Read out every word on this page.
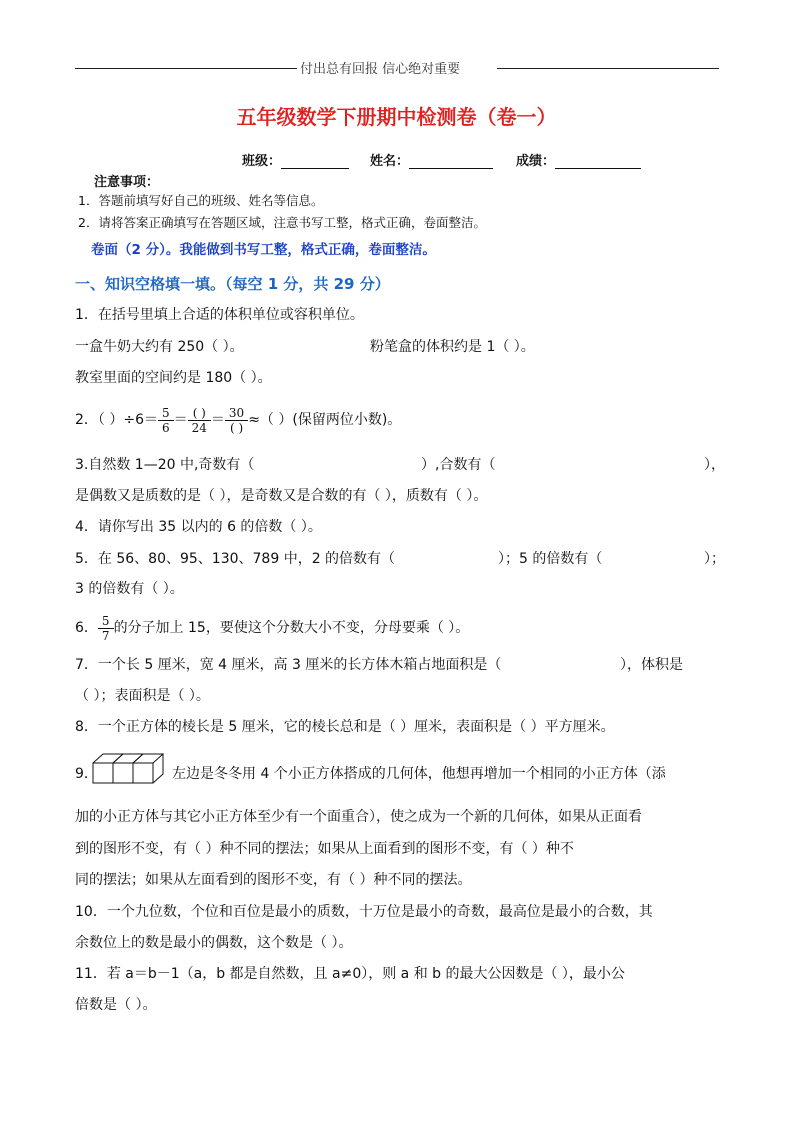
付出总有回报 信心绝对重要
五年级数学下册期中检测卷（卷一）
班级：	姓名：	成绩：
注意事项：
1．答题前填写好自己的班级、姓名等信息。
2．请将答案正确填写在答题区域，注意书写工整，格式正确，卷面整洁。
卷面（2 分）。我能做到书写工整，格式正确，卷面整洁。
一、知识空格填一填。（每空 1 分，共 29 分）
1．在括号里填上合适的体积单位或容积单位。
一盒牛奶大约有 250（ ）。	粉笔盒的体积约是 1（ ）。
教室里面的空间约是 180（ ）。
2．（ ）$\div 6= \frac{5}{6} = \frac{( )}{24} = \frac{30}{( )}$ ≈（ ）(保留两位小数)。
3.自然数 1—20 中,奇数有（	）,合数有（	），
是偶数又是质数的是（ ），是奇数又是合数的有（ ），质数有（ ）。
4．请你写出 35 以内的 6 的倍数（ ）。
5．在 56、80、95、130、789 中，2 的倍数有（	）；5 的倍数有（	）；
3 的倍数有（ ）。
6． $\frac{5}{7}$ 的分子加上 15，要使这个分数大小不变，分母要乘（ ）。
7．一个长 5 厘米，宽 4 厘米，高 3 厘米的长方体木箱占地面积是（	），体积是
（ ）；表面积是（ ）。
8．一个正方体的棱长是 5 厘米，它的棱长总和是（ ）厘米，表面积是（ ）平方厘米。
9．	左边是冬冬用 4 个小正方体搭成的几何体，他想再增加一个相同的小正方体（添
加的小正方体与其它小正方体至少有一个面重合），使之成为一个新的几何体，如果从正面看
到的图形不变，有（ ）种不同的摆法；如果从上面看到的图形不变，有（ ）种不
同的摆法；如果从左面看到的图形不变，有（ ）种不同的摆法。
10．一个九位数，个位和百位是最小的质数，十万位是最小的奇数，最高位是最小的合数，其
余数位上的数是最小的偶数，这个数是（ ）。
11．若 a＝b－1（a，b 都是自然数，且 a≠0），则 a 和 b 的最大公因数是（ ），最小公
倍数是（ ）。
